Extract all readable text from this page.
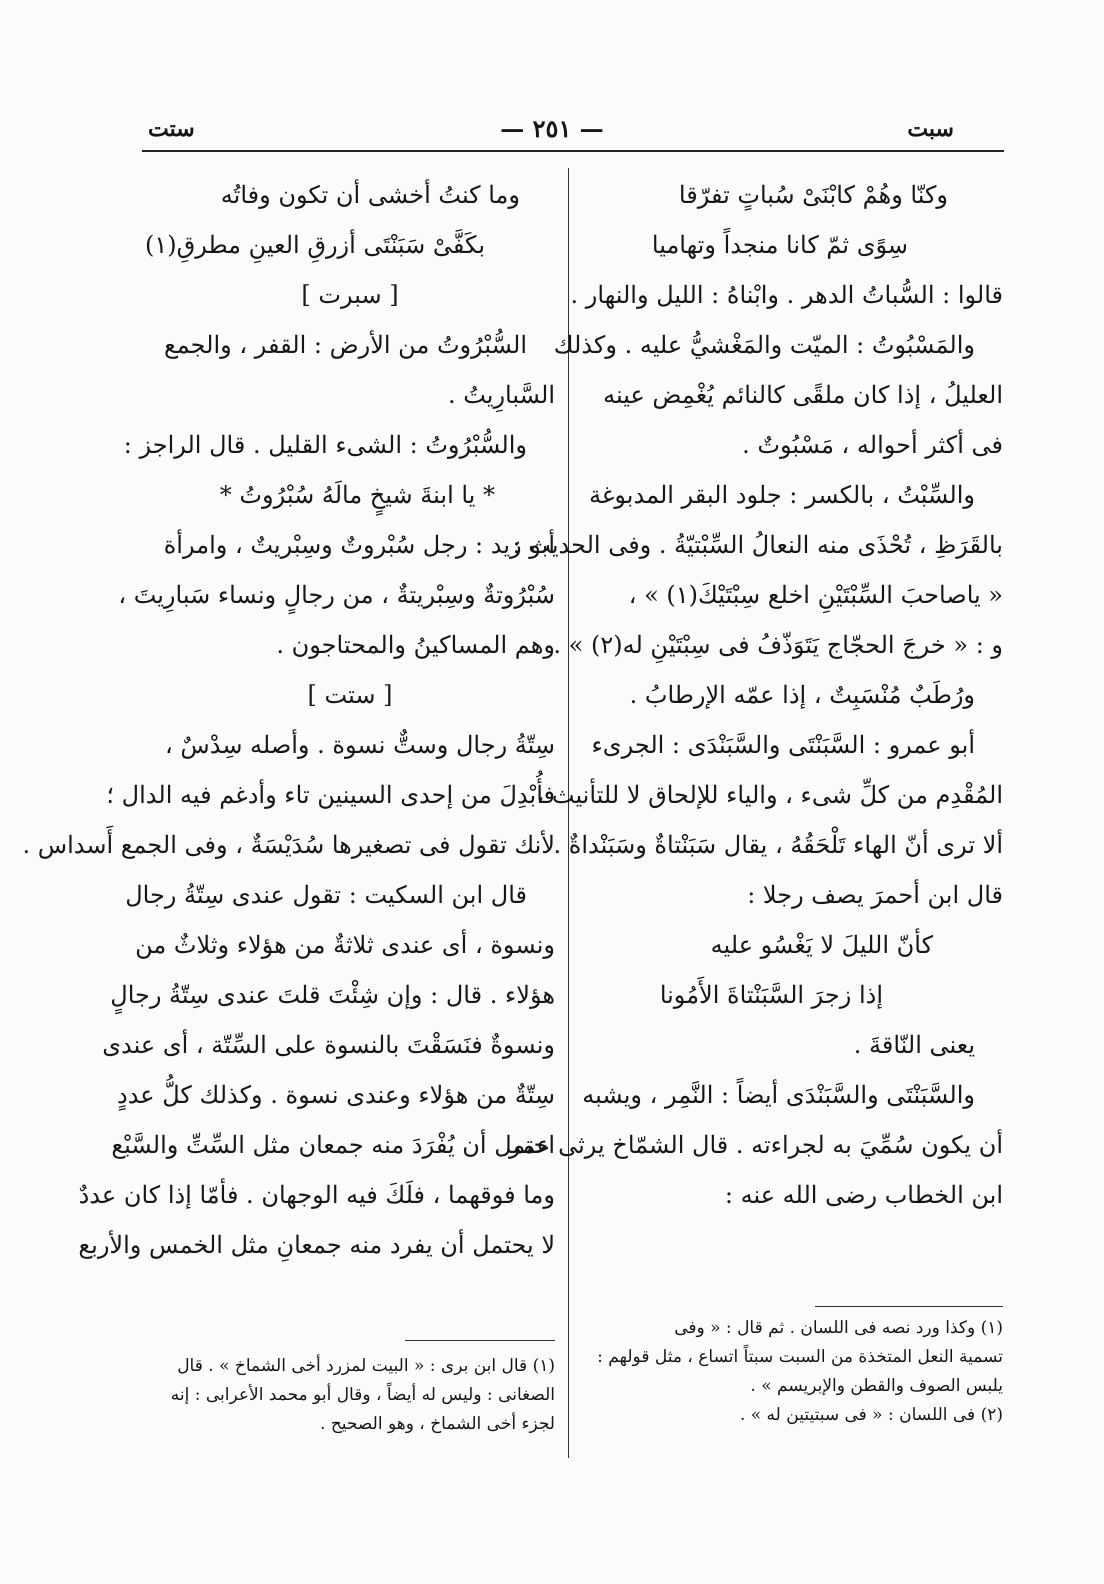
سبت
— ٢٥١ —
ستت
وكنّا وهُمْ كابْنَىْ سُباتٍ تفرّقا
سِوًى ثمّ كانا منجداً وتهاميا
قالوا : السُّباتُ الدهر . وابْناهُ : الليل والنهار .
والمَسْبُوتُ : الميّت والمَغْشيُّ عليه . وكذلك
العليلُ ، إذا كان ملقًى كالنائم يُغْمِض عينه
فى أكثر أحواله ، مَسْبُوتٌ .
والسِّبْتُ ، بالكسر : جلود البقر المدبوغة
بالقَرَظِ ، تُحْذَى منه النعالُ السِّبْتيّةُ . وفى الحديث :
« ياصاحبَ السِّبْتَيْنِ اخلع سِبْتَيْكَ(١) » ،
و : « خرجَ الحجّاج يَتَوَذّفُ فى سِبْتَيْنِ له(٢) » .
ورُطَبٌ مُنْسَبِتٌ ، إذا عمّه الإرطابُ .
أبو عمرو : السَّبَنْتَى والسَّبَنْدَى : الجرىء
المُقْدِم من كلِّ شىء ، والياء للإلحاق لا للتأنيث ،
ألا ترى أنّ الهاء تَلْحَقُهُ ، يقال سَبَنْتاةٌ وسَبَنْداةٌ .
قال ابن أحمرَ يصف رجلا :
كأنّ الليلَ لا يَغْسُو عليه
إذا زجرَ السَّبَنْتاةَ الأَمُونا
يعنى النّاقةَ .
والسَّبَنْتَى والسَّبَنْدَى أيضاً : النَّمِر ، ويشبه
أن يكون سُمِّيَ به لجراءته . قال الشمّاخ يرثى عمر
ابن الخطاب رضى الله عنه :
(١) وكذا ورد نصه فى اللسان . ثم قال : « وفى
تسمية النعل المتخذة من السبت سبتاً اتساع ، مثل قولهم :
يلبس الصوف والقطن والإبريسم » .
(٢) فى اللسان : « فى سبتيتين له » .
وما كنتُ أخشى أن تكون وفاتُه
بكَفَّىْ سَبَنْتَى أزرقِ العينِ مطرقِ(١)
[ سبرت ]
السُّبْرُوتُ من الأرض : القفر ، والجمع
السَّبارِيتُ .
والسُّبْرُوتُ : الشىء القليل . قال الراجز :
* يا ابنةَ شيخٍ مالَهُ سُبْرُوتُ *
أبو زيد : رجل سُبْروتٌ وسِبْريتٌ ، وامرأة
سُبْرُوتةٌ وسِبْريتةٌ ، من رجالٍ ونساء سَبارِيتَ ،
وهم المساكينُ والمحتاجون .
[ ستت ]
سِتّةُ رجال وستٌّ نسوة . وأصله سِدْسٌ ،
فأُبْدِلَ من إحدى السينين تاء وأدغم فيه الدال ؛
لأنك تقول فى تصغيرها سُدَيْسَةٌ ، وفى الجمع أَسداس .
قال ابن السكيت : تقول عندى سِتّةُ رجال
ونسوة ، أى عندى ثلاثةٌ من هؤلاء وثلاثٌ من
هؤلاء . قال : وإن شِئْتَ قلتَ عندى سِتّةُ رجالٍ
ونسوةٌ فنَسَقْتَ بالنسوة على السِّتّة ، أى عندى
سِتّةٌ من هؤلاء وعندى نسوة . وكذلك كلُّ عددٍ
احتمل أن يُفْرَدَ منه جمعان مثل السِّتِّ والسَّبْع
وما فوقهما ، فلَكَ فيه الوجهان . فأمّا إذا كان عددٌ
لا يحتمل أن يفرد منه جمعانِ مثل الخمس والأربع
(١) قال ابن برى : « البيت لمزرد أخى الشماخ » . قال
الصغانى : وليس له أيضاً ، وقال أبو محمد الأعرابى : إنه
لجزء أخى الشماخ ، وهو الصحيح .
